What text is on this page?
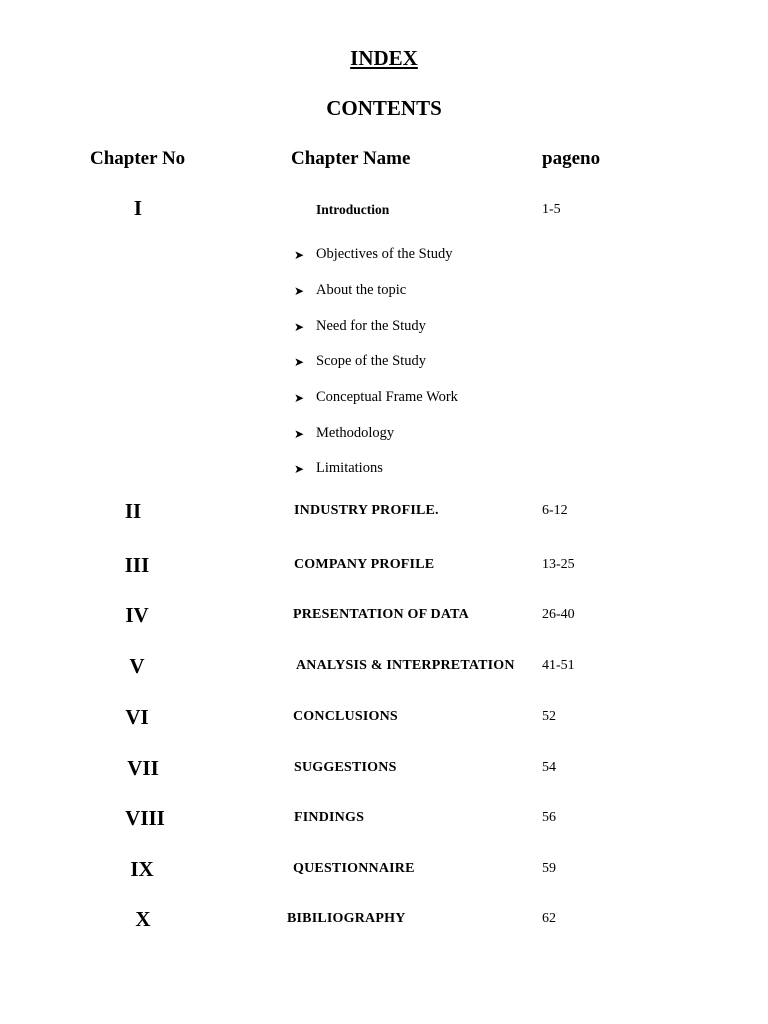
INDEX
CONTENTS
Chapter No	Chapter Name	pageno
I	Introduction	1-5
➤ Objectives of the Study
➤ About the topic
➤ Need for the Study
➤ Scope of the Study
➤ Conceptual Frame Work
➤ Methodology
➤ Limitations
II	INDUSTRY PROFILE.	6-12
III	COMPANY PROFILE	13-25
IV	PRESENTATION OF DATA	26-40
V	ANALYSIS & INTERPRETATION 41-51
VI	CONCLUSIONS	52
VII	SUGGESTIONS	54
VIII	FINDINGS	56
IX	QUESTIONNAIRE	59
X	BIBILIOGRAPHY	62
